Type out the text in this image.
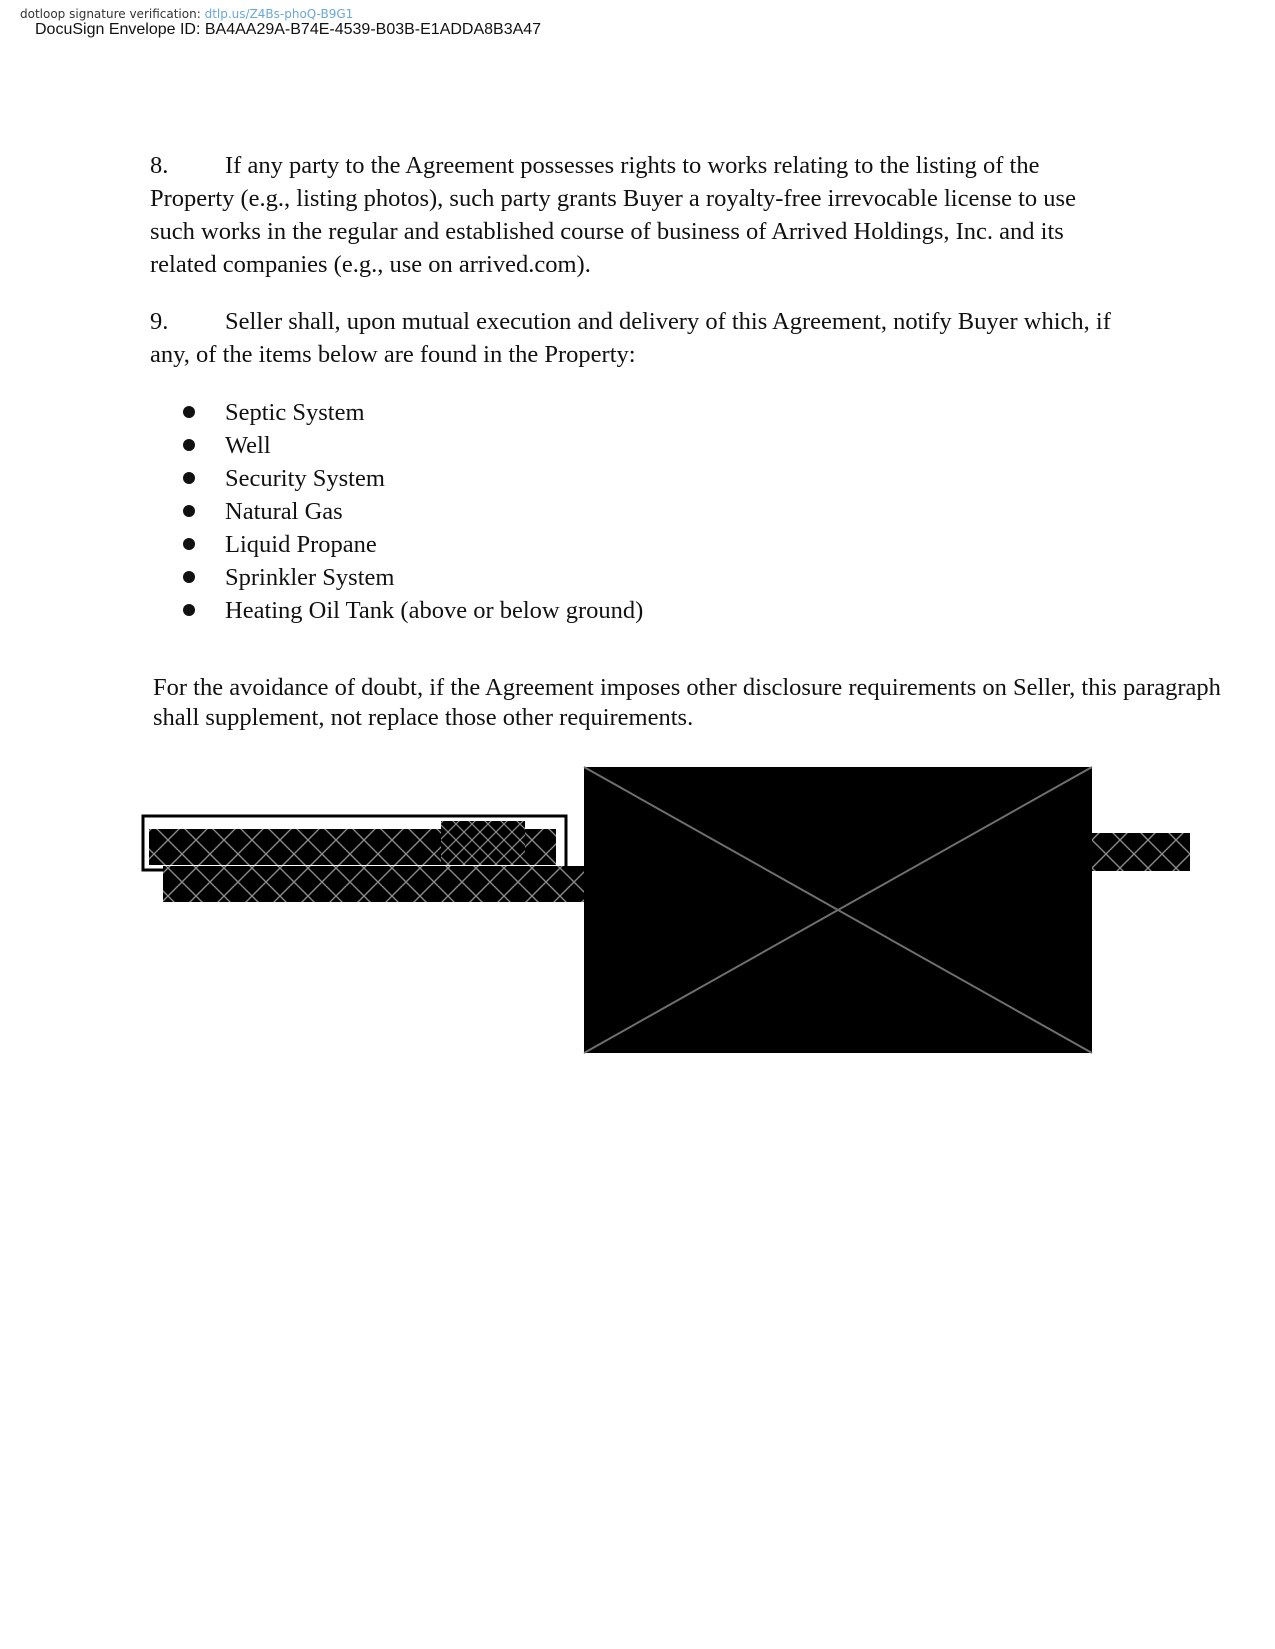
dotloop signature verification: dtlp.us/Z4Bs-phoQ-B9G1
DocuSign Envelope ID: BA4AA29A-B74E-4539-B03B-E1ADDA8B3A47

8. If any party to the Agreement possesses rights to works relating to the listing of the Property (e.g., listing photos), such party grants Buyer a royalty-free irrevocable license to use such works in the regular and established course of business of Arrived Holdings, Inc. and its related companies (e.g., use on arrived.com).

9. Seller shall, upon mutual execution and delivery of this Agreement, notify Buyer which, if any, of the items below are found in the Property:

Septic System
Well
Security System
Natural Gas
Liquid Propane
Sprinkler System
Heating Oil Tank (above or below ground)

For the avoidance of doubt, if the Agreement imposes other disclosure requirements on Seller, this paragraph shall supplement, not replace those other requirements.
